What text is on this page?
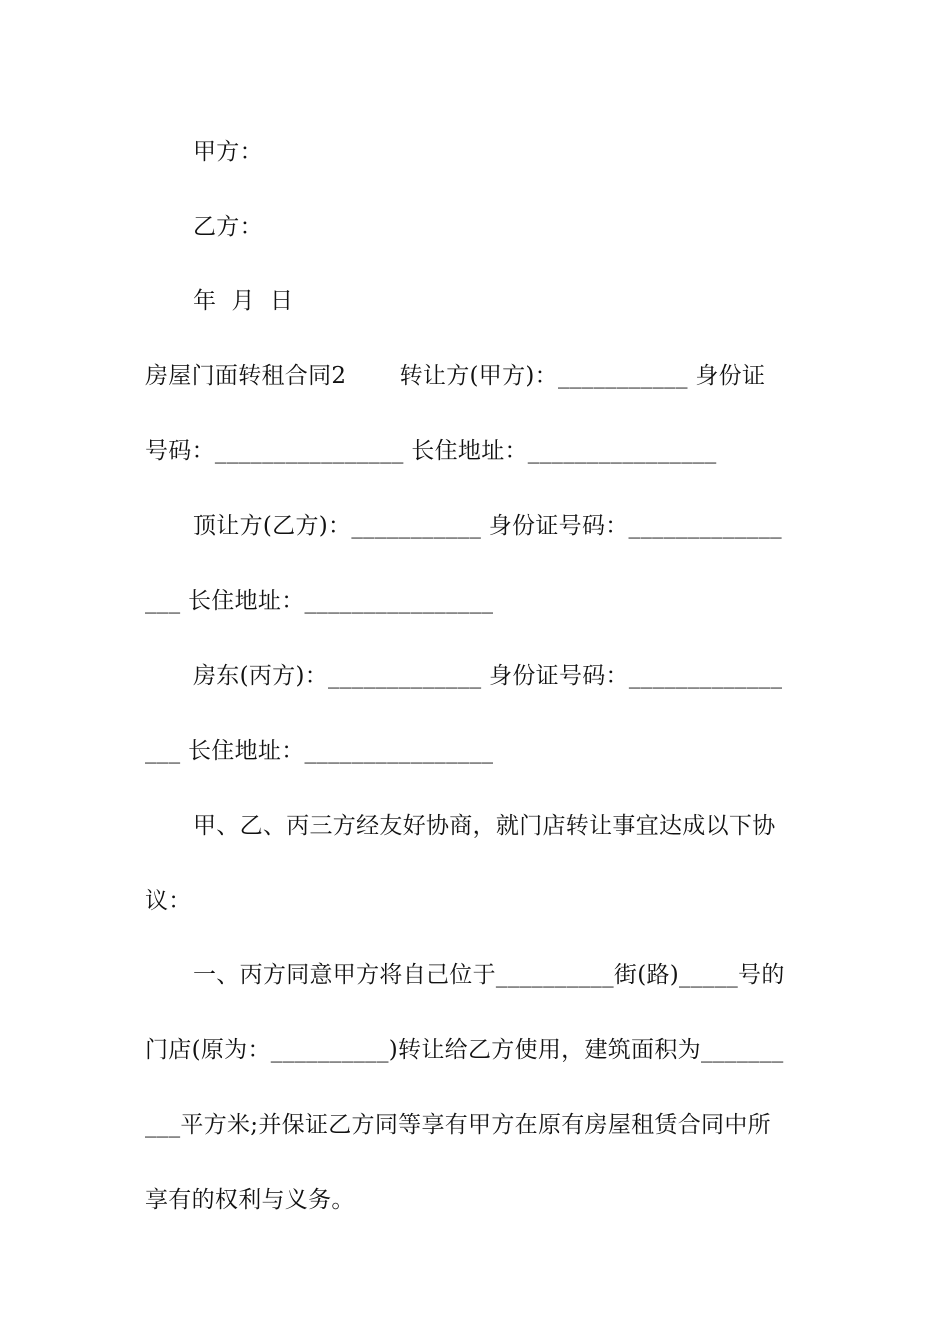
甲方：
乙方：
年  月  日
房屋门面转租合同2       转让方(甲方)：___________ 身份证
号码：________________ 长住地址：________________
顶让方(乙方)：___________ 身份证号码：_____________
___ 长住地址：________________
房东(丙方)：_____________ 身份证号码：_____________
___ 长住地址：________________
甲、乙、丙三方经友好协商，就门店转让事宜达成以下协
议：
一、丙方同意甲方将自己位于__________街(路)_____号的
门店(原为：__________)转让给乙方使用，建筑面积为_______
___平方米;并保证乙方同等享有甲方在原有房屋租赁合同中所
享有的权利与义务。
